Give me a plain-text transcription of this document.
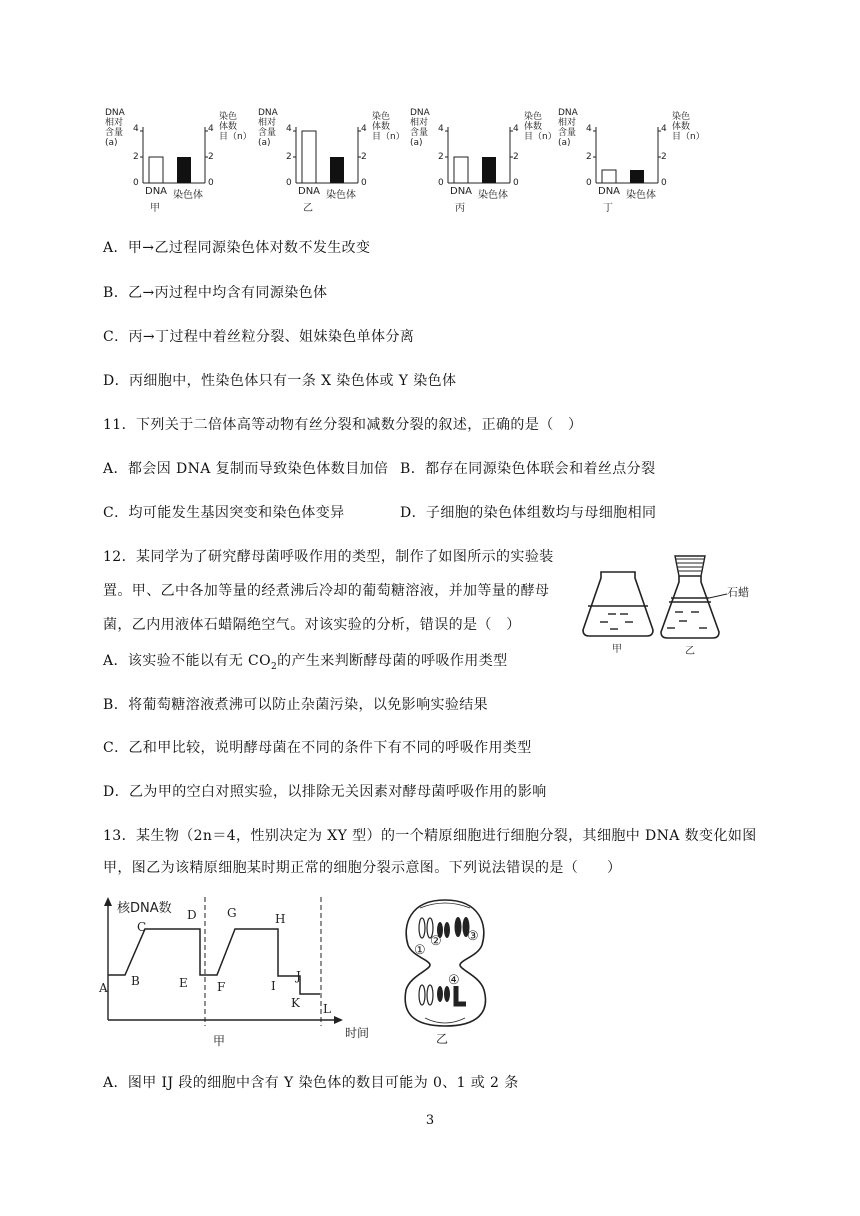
DNA
相对
含量
(a)
染色
体数
目（n）
4	4
2	2
0	0
DNA 染色体
甲
DNA
相对
含量
(a)
染色
体数
目（n）
4	4
2	2
0	0
DNA 染色体
乙
DNA
相对
含量
(a)
染色
体数
目（n）
4	4
2	2
0	0
DNA 染色体
丙
DNA
相对
含量
(a)
染色
体数
目（n）
4	4
2	2
0	0
DNA 染色体
丁
A．甲→乙过程同源染色体对数不发生改变
B．乙→丙过程中均含有同源染色体
C．丙→丁过程中着丝粒分裂、姐妹染色单体分离
D．丙细胞中，性染色体只有一条 X 染色体或 Y 染色体
11．下列关于二倍体高等动物有丝分裂和减数分裂的叙述，正确的是（　）
A．都会因 DNA 复制而导致染色体数目加倍 B．都存在同源染色体联会和着丝点分裂
C．均可能发生基因突变和染色体变异	D．子细胞的染色体组数均与母细胞相同
12．某同学为了研究酵母菌呼吸作用的类型，制作了如图所示的实验装
置。甲、乙中各加等量的经煮沸后冷却的葡萄糖溶液，并加等量的酵母
菌，乙内用液体石蜡隔绝空气。对该实验的分析，错误的是（　）
A．该实验不能以有无 $CO_2$的产生来判断酵母菌的呼吸作用类型
B．将葡萄糖溶液煮沸可以防止杂菌污染，以免影响实验结果
C．乙和甲比较，说明酵母菌在不同的条件下有不同的呼吸作用类型
D．乙为甲的空白对照实验，以排除无关因素对酵母菌呼吸作用的影响
石蜡
甲	乙
13．某生物（2n＝4，性别决定为 XY 型）的一个精原细胞进行细胞分裂，其细胞中 DNA 数变化如图
甲，图乙为该精原细胞某时期正常的细胞分裂示意图。下列说法错误的是（　　）
核DNA数
时间
甲
A B
C
D
E F
G	H
I
J
K L
①
② ③
④
乙
A．图甲 IJ 段的细胞中含有 Y 染色体的数目可能为 0、1 或 2 条
3
